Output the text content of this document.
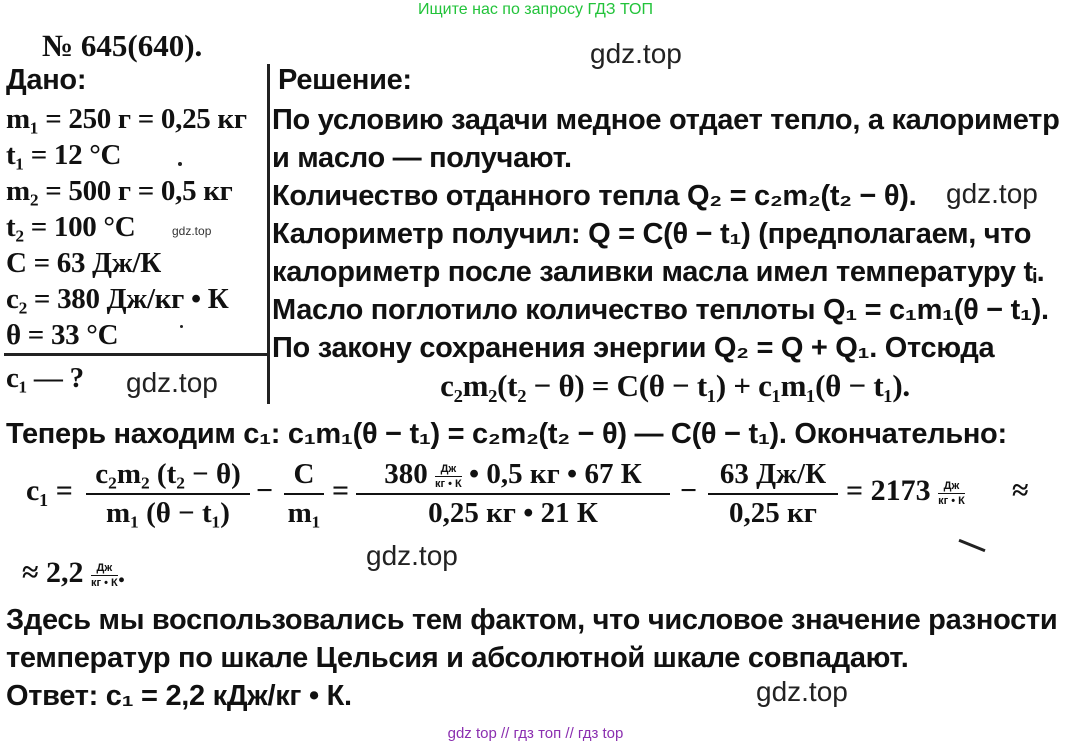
Ищите нас по запросу ГДЗ ТОП
№ 645(640).	gdz.top
Дано:
m₁ = 250 г = 0,25 кг
t₁ = 12 °C
m₂ = 500 г = 0,5 кг
t₂ = 100 °C
C = 63 Дж/К
c₂ = 380 Дж/кг • К
θ = 33 °C
c₁ — ?
gdz.top
gdz.top
Решение:
По условию задачи медное отдает тепло, а калориметр
и масло — получают.
Количество отданного тепла Q₂ = c₂m₂(t₂ − θ).
Калориметр получил: Q = C(θ − t₁) (предполагаем, что
калориметр после заливки масла имел температуру tᵢ.
Масло поглотило количество теплоты Q₁ = c₁m₁(θ − t₁).
По закону сохранения энергии Q₂ = Q + Q₁. Отсюда
gdz.top
c₂m₂(t₂ − θ) = C(θ − t₁) + c₁m₁(θ − t₁).
Теперь находим c₁: c₁m₁(θ − t₁) = c₂m₂(t₂ − θ) — C(θ − t₁). Окончательно:
c₁ = c₂m₂ (t₂ − θ)
m₁ (θ − t₁)
− C
m₁
= $380 \frac{Дж}{кг • К}$ • 0,5 кг • 67 К
0,25 кг • 21 К
− 63 Дж/К
0,25 кг
= $2173 \frac{Дж}{кг • К}$ ≈
≈ $2,2 \frac{Дж}{кг • К}$ .
gdz.top
Здесь мы воспользовались тем фактом, что числовое значение разности
температур по шкале Цельсия и абсолютной шкале совпадают.
Ответ: c₁ = 2,2 кДж/кг • К.	gdz.top
gdz top // гдз топ // гдз top
